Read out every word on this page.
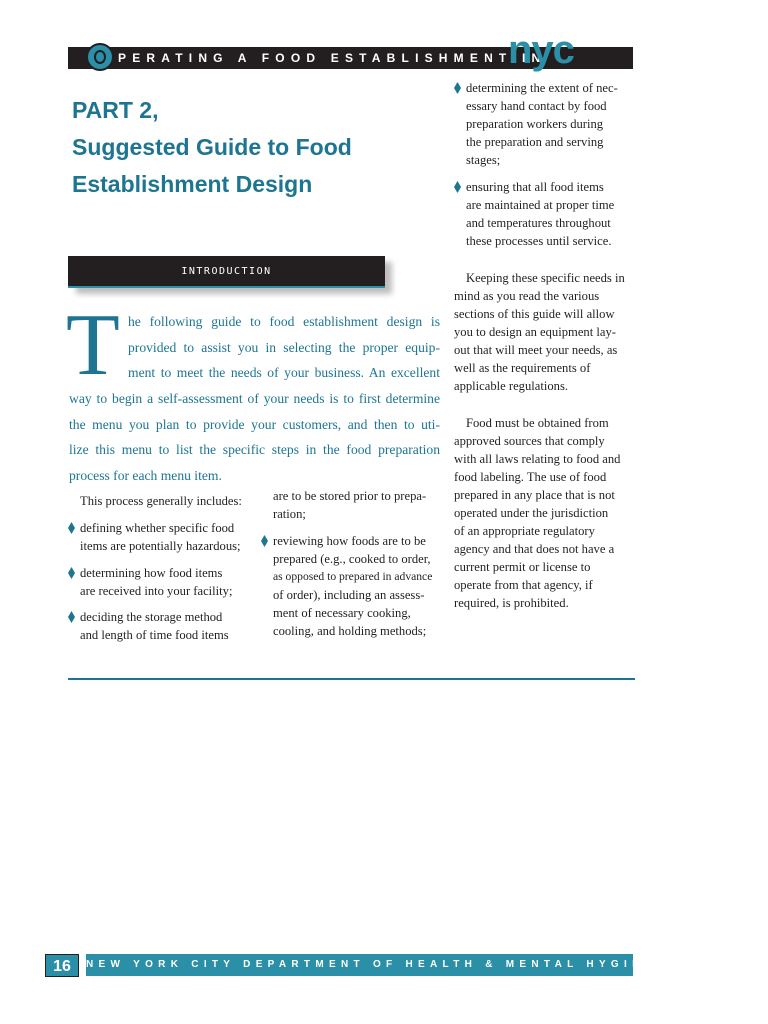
PERATING A FOOD ESTABLISHMENT IN
nyc
PART 2,
Suggested Guide to Food
Establishment Design
INTRODUCTION
T he following guide to food establishment design is
provided to assist you in selecting the proper equip-
ment to meet the needs of your business. An excellent
way to begin a self-assessment of your needs is to first determine
the menu you plan to provide your customers, and then to uti-
lize this menu to list the specific steps in the food preparation
process for each menu item.
This process generally includes:
defining whether specific food
items are potentially hazardous;
determining how food items
are received into your facility;
deciding the storage method
and length of time food items
are to be stored prior to prepa-
ration;
reviewing how foods are to be
prepared (e.g., cooked to order,
as opposed to prepared in advance
of order), including an assess-
ment of necessary cooking,
cooling, and holding methods;
determining the extent of nec-
essary hand contact by food
preparation workers during
the preparation and serving
stages;
ensuring that all food items
are maintained at proper time
and temperatures throughout
these processes until service.
Keeping these specific needs in
mind as you read the various
sections of this guide will allow
you to design an equipment lay-
out that will meet your needs, as
well as the requirements of
applicable regulations.
Food must be obtained from
approved sources that comply
with all laws relating to food and
food labeling. The use of food
prepared in any place that is not
operated under the jurisdiction
of an appropriate regulatory
agency and that does not have a
current permit or license to
operate from that agency, if
required, is prohibited.
16	NEW YORK CITY DEPARTMENT OF HEALTH & MENTAL HYGIENE
